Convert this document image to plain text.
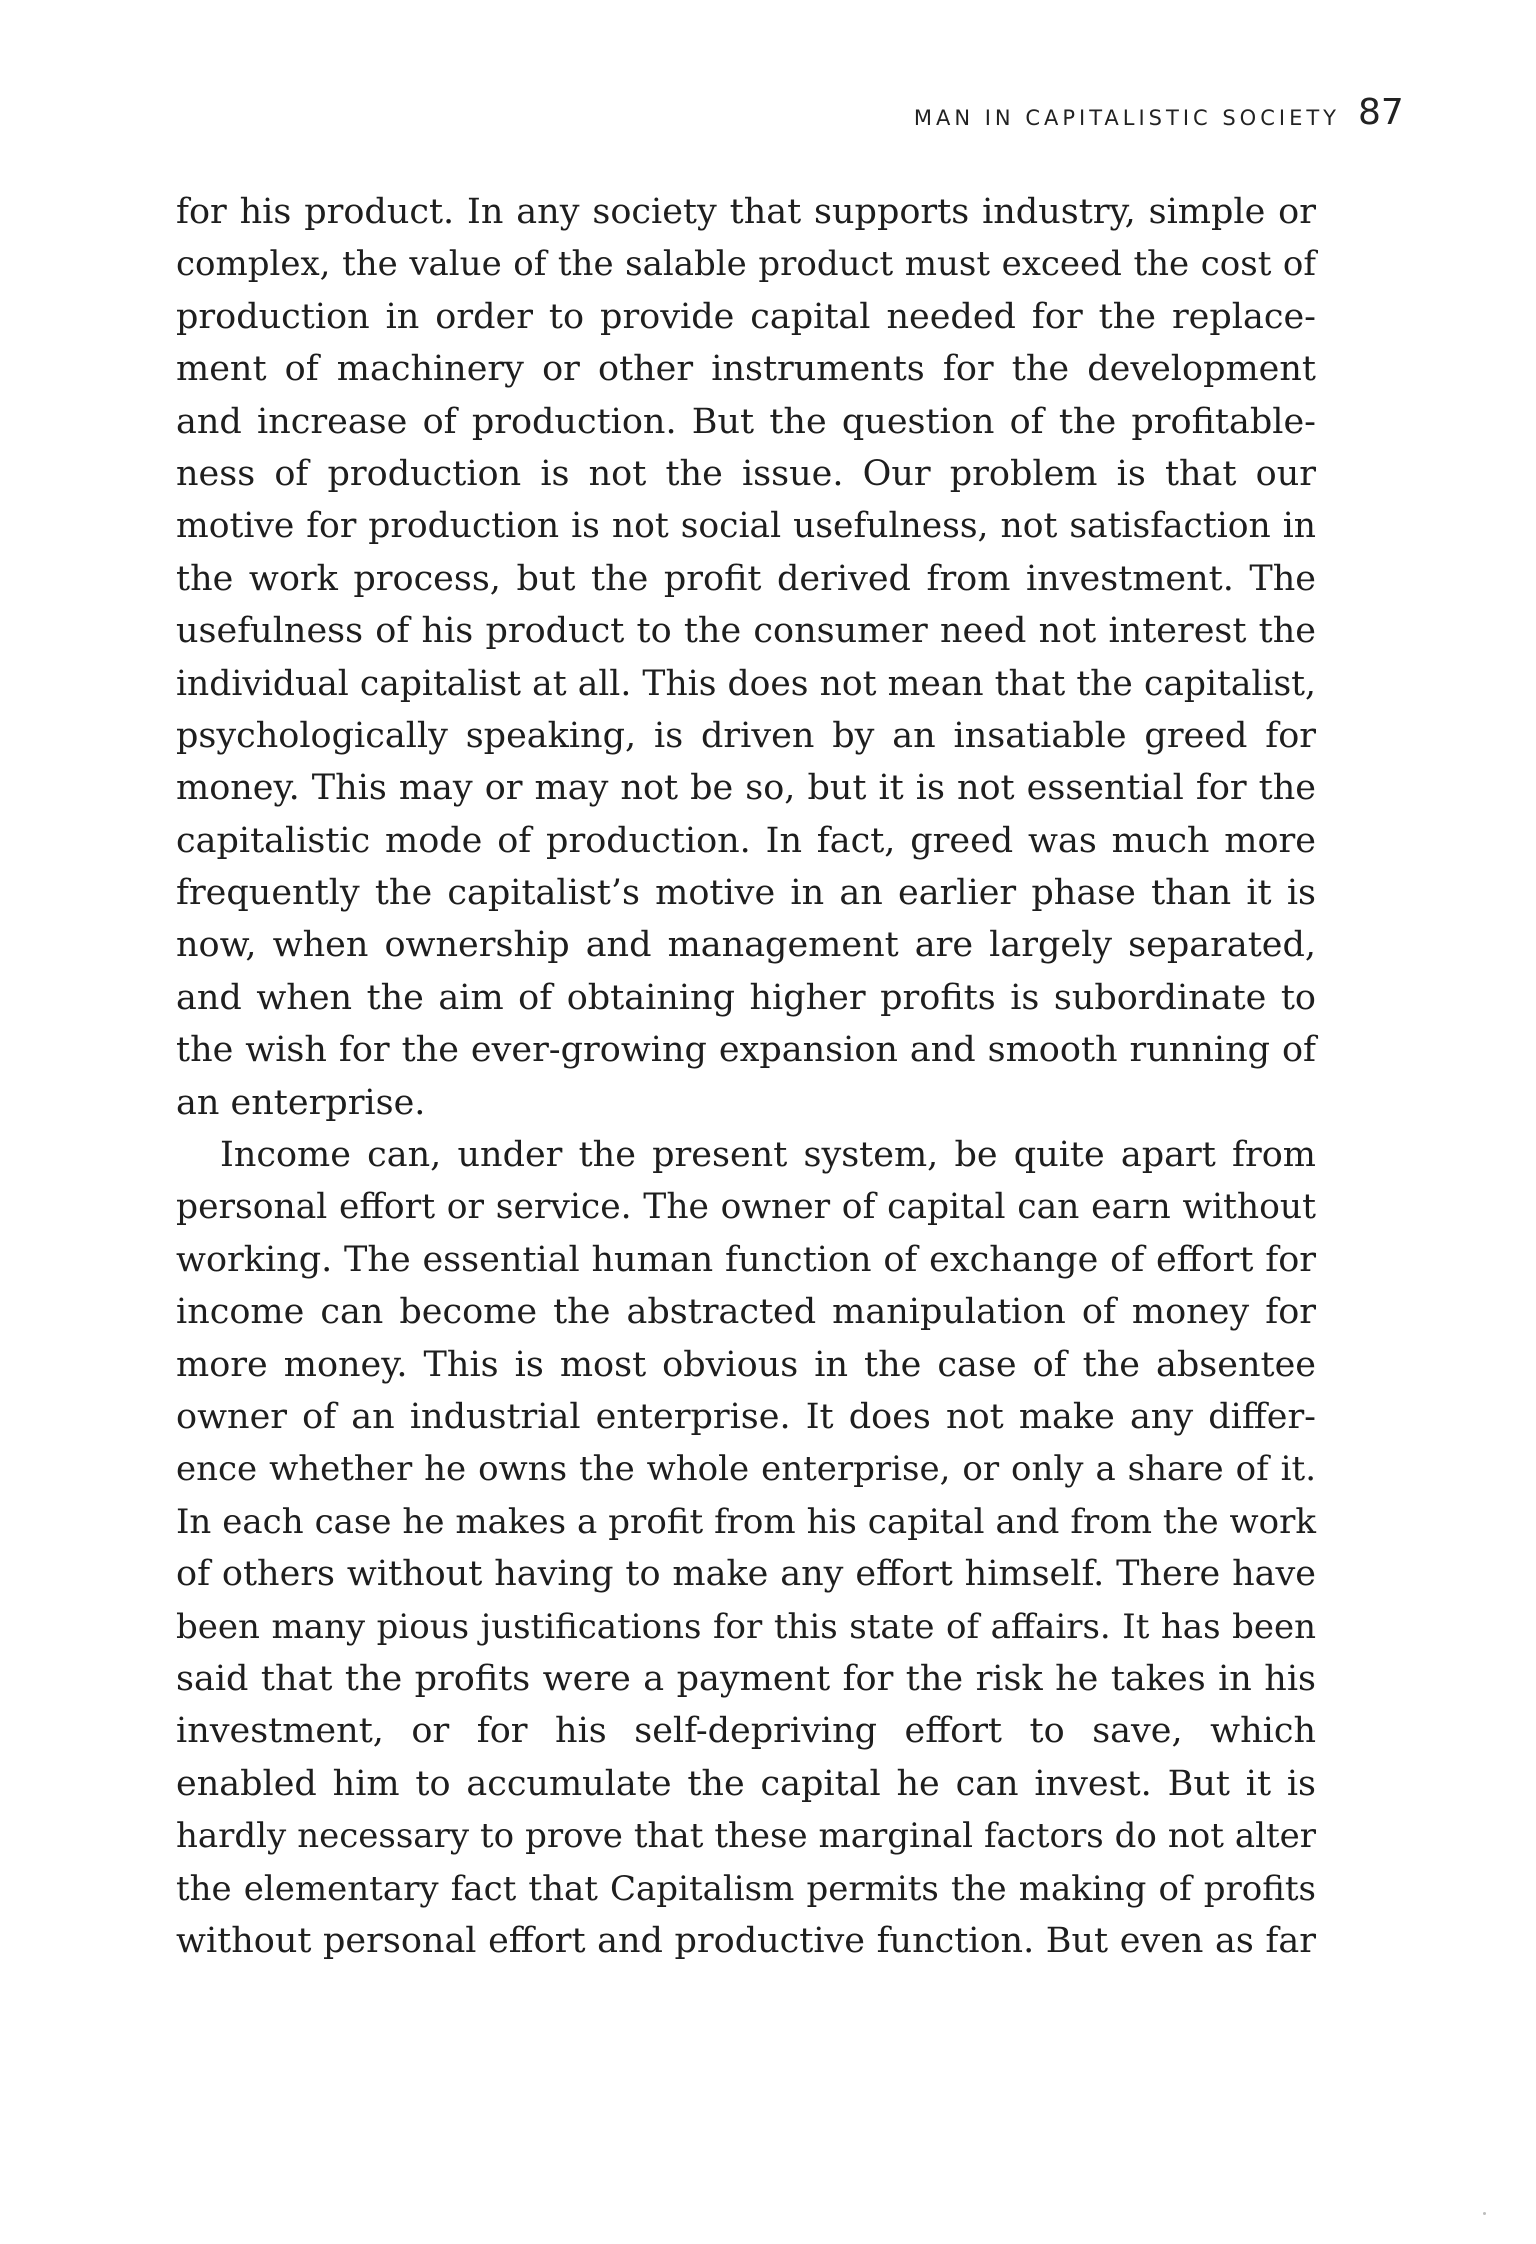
MAN IN CAPITALISTIC SOCIETY 87
for his product. In any society that supports industry, simple or
complex, the value of the salable product must exceed the cost of
production in order to provide capital needed for the replace-
ment of machinery or other instruments for the development
and increase of production. But the question of the profitable-
ness of production is not the issue. Our problem is that our
motive for production is not social usefulness, not satisfaction in
the work process, but the profit derived from investment. The
usefulness of his product to the consumer need not interest the
individual capitalist at all. This does not mean that the capitalist,
psychologically speaking, is driven by an insatiable greed for
money. This may or may not be so, but it is not essential for the
capitalistic mode of production. In fact, greed was much more
frequently the capitalist’s motive in an earlier phase than it is
now, when ownership and management are largely separated,
and when the aim of obtaining higher profits is subordinate to
the wish for the ever-growing expansion and smooth running of
an enterprise.
Income can, under the present system, be quite apart from
personal effort or service. The owner of capital can earn without
working. The essential human function of exchange of effort for
income can become the abstracted manipulation of money for
more money. This is most obvious in the case of the absentee
owner of an industrial enterprise. It does not make any differ-
ence whether he owns the whole enterprise, or only a share of it.
In each case he makes a profit from his capital and from the work
of others without having to make any effort himself. There have
been many pious justifications for this state of affairs. It has been
said that the profits were a payment for the risk he takes in his
investment, or for his self-depriving effort to save, which
enabled him to accumulate the capital he can invest. But it is
hardly necessary to prove that these marginal factors do not alter
the elementary fact that Capitalism permits the making of profits
without personal effort and productive function. But even as far
